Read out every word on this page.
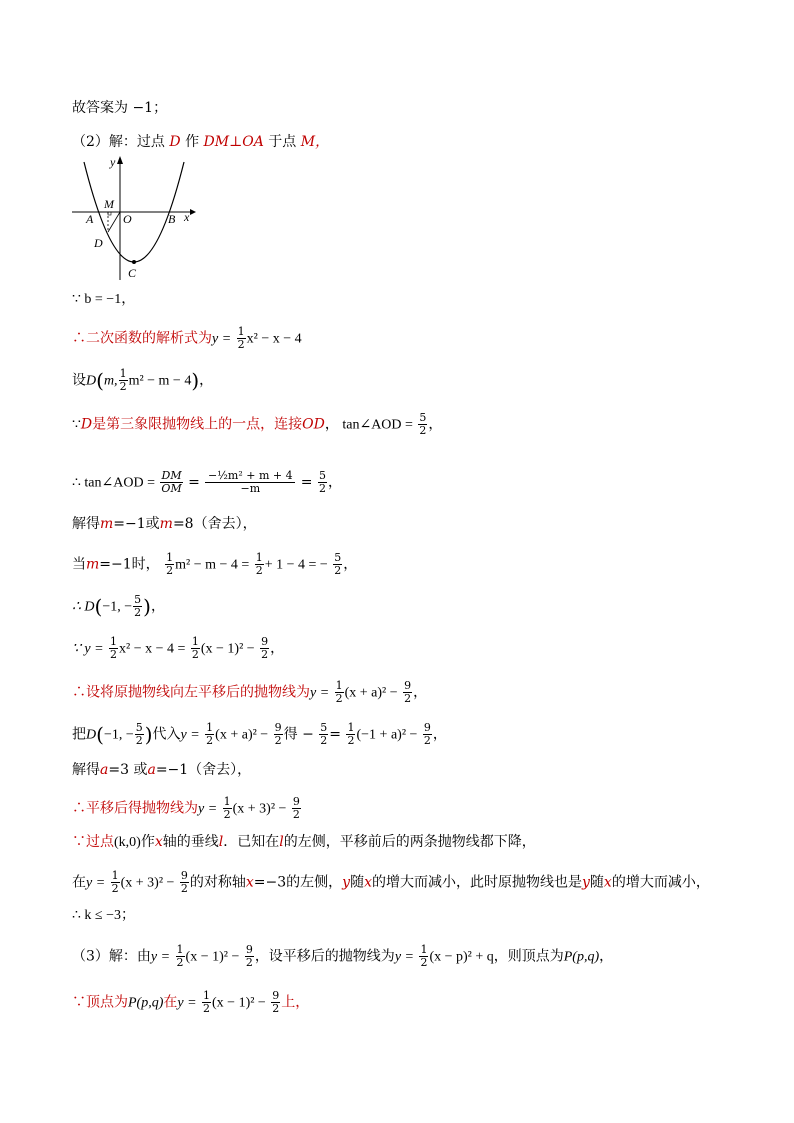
故答案为 −1；
（2）解：过点 D 作 DM⊥OA 于点 M，
y
x
A	B
O
M
D
C
∵ b = −1，
∴二次函数的解析式为$y = \frac{1}{2} x^2 - x - 4$
设D(m, $\frac{1}{2} m^2 - m - 4$)，
∵D是第三象限抛物线上的一点，连接OD， tan∠AOD = $\frac{5}{2}$ ，
∴ tan∠AOD = $\frac{DM}{OM} = \frac{\text{−½m² + m + 4}}{-m} = \frac{5}{2}$ ，
解得m=−1或m=8（舍去），
当m=−1时， $\frac{1}{2} m^2 - m - 4 = \frac{1}{2} + 1 - 4$ = − $\frac{5}{2}$ ，
∴ D(−1, − $\frac{5}{2}$ )，
∵ $y = \frac{1}{2} x^2 - x - 4 = \frac{1}{2} (x - 1)^2 - \frac{9}{2}$ ，
∴设将原抛物线向左平移后的抛物线为$y = \frac{1}{2} (x + a)^2 - \frac{9}{2}$ ，
把D(−1, − $\frac{5}{2}$ )代入$y = \frac{1}{2} (x + a)^2 - \frac{9}{2}$ 得 − $\frac{5}{2} = \frac{1}{2} (-1 + a)^2 - \frac{9}{2}$ ，
解得a=3 或a=−1（舍去），
∴平移后得抛物线为$y = \frac{1}{2} (x + 3)^2 - \frac{9}{2}$
∵过点(k,0)作x轴的垂线l．已知在l的左侧，平移前后的两条抛物线都下降，
在$y = \frac{1}{2} (x + 3)^2 - \frac{9}{2}$ 的对称轴x=−3的左侧，y随x的增大而减小，此时原抛物线也是y随x的增大而减小，
∴ k ≤ −3；
（3）解：由$y = \frac{1}{2} (x - 1)^2 - \frac{9}{2}$ ，设平移后的抛物线为$y = \frac{1}{2} (x - p)^2 + q$，则顶点为P(p,q)，
∵顶点为P(p,q)在$y = \frac{1}{2} (x - 1)^2 - \frac{9}{2}$ 上，
